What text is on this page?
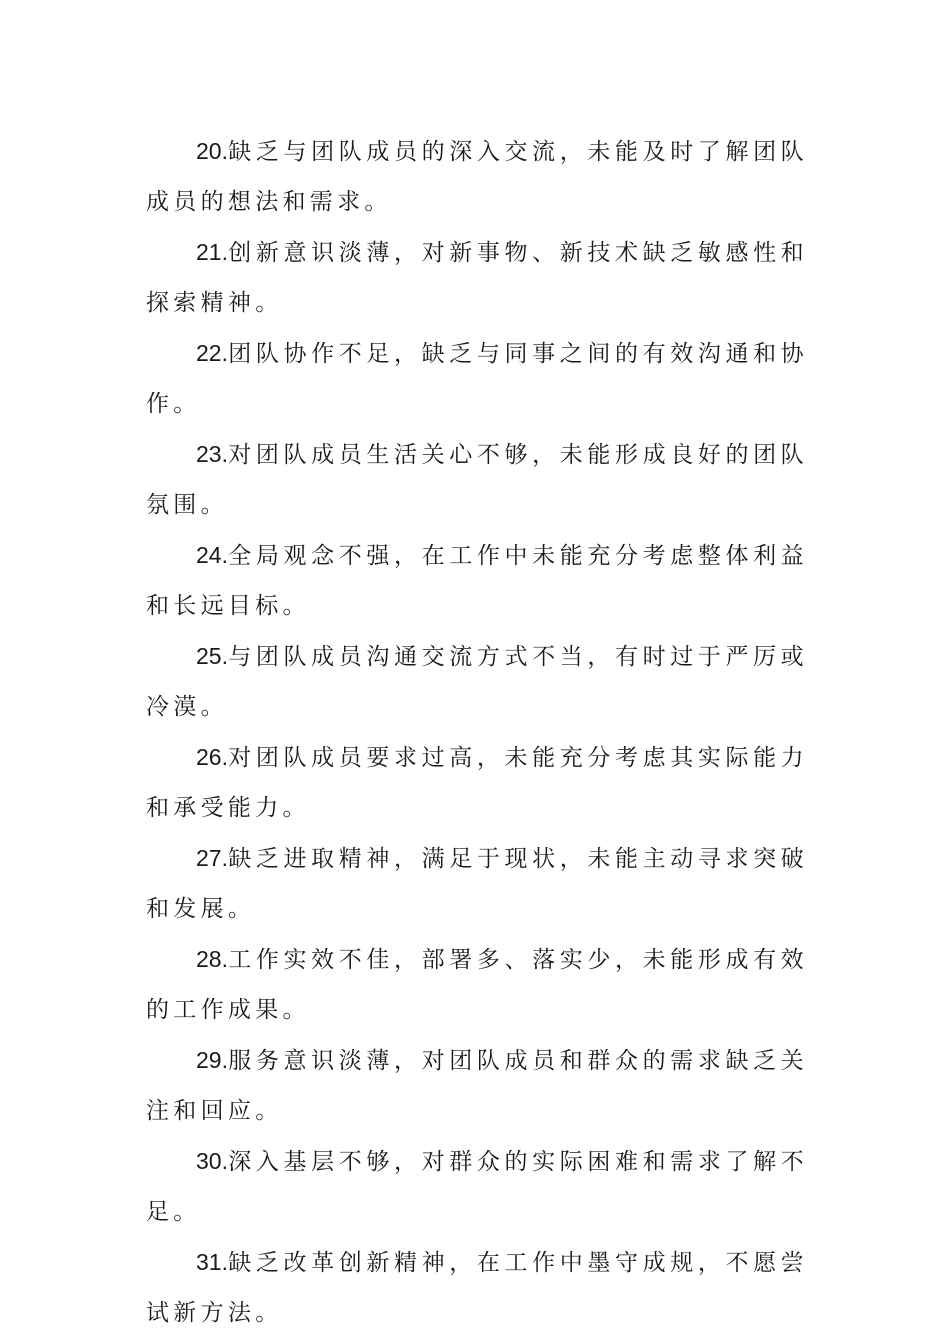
20.缺乏与团队成员的深入交流，未能及时了解团队成员的想法和需求。

21.创新意识淡薄，对新事物、新技术缺乏敏感性和探索精神。

22.团队协作不足，缺乏与同事之间的有效沟通和协作。

23.对团队成员生活关心不够，未能形成良好的团队氛围。

24.全局观念不强，在工作中未能充分考虑整体利益和长远目标。

25.与团队成员沟通交流方式不当，有时过于严厉或冷漠。

26.对团队成员要求过高，未能充分考虑其实际能力和承受能力。

27.缺乏进取精神，满足于现状，未能主动寻求突破和发展。

28.工作实效不佳，部署多、落实少，未能形成有效的工作成果。

29.服务意识淡薄，对团队成员和群众的需求缺乏关注和回应。

30.深入基层不够，对群众的实际困难和需求了解不足。

31.缺乏改革创新精神，在工作中墨守成规，不愿尝试新方法。
